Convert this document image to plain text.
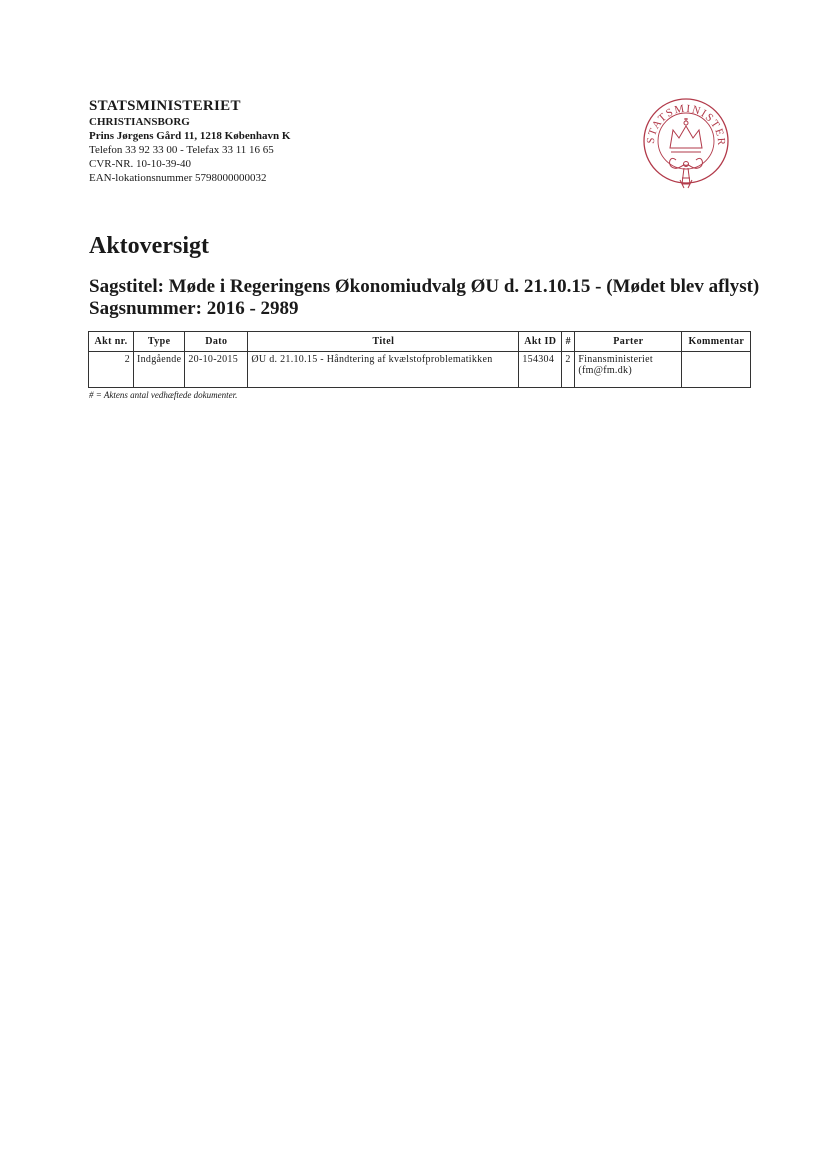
STATSMINISTERIET
CHRISTIANSBORG
Prins Jørgens Gård 11, 1218 København K
Telefon 33 92 33 00 - Telefax 33 11 16 65
CVR-NR. 10-10-39-40
EAN-lokationsnummer 5798000000032
STATSMINISTER
Aktoversigt
Sagstitel: Møde i Regeringens Økonomiudvalg ØU d. 21.10.15 - (Mødet blev aflyst)
Sagsnummer: 2016 - 2989
Akt nr.	Type	Dato	Titel	Akt ID	#	Parter	Kommentar
2	Indgående	20-10-2015	ØU d. 21.10.15 - Håndtering af kvælstofproblematikken	154304	2	Finansministeriet
(fm@fm.dk)	

# = Aktens antal vedhæftede dokumenter.
